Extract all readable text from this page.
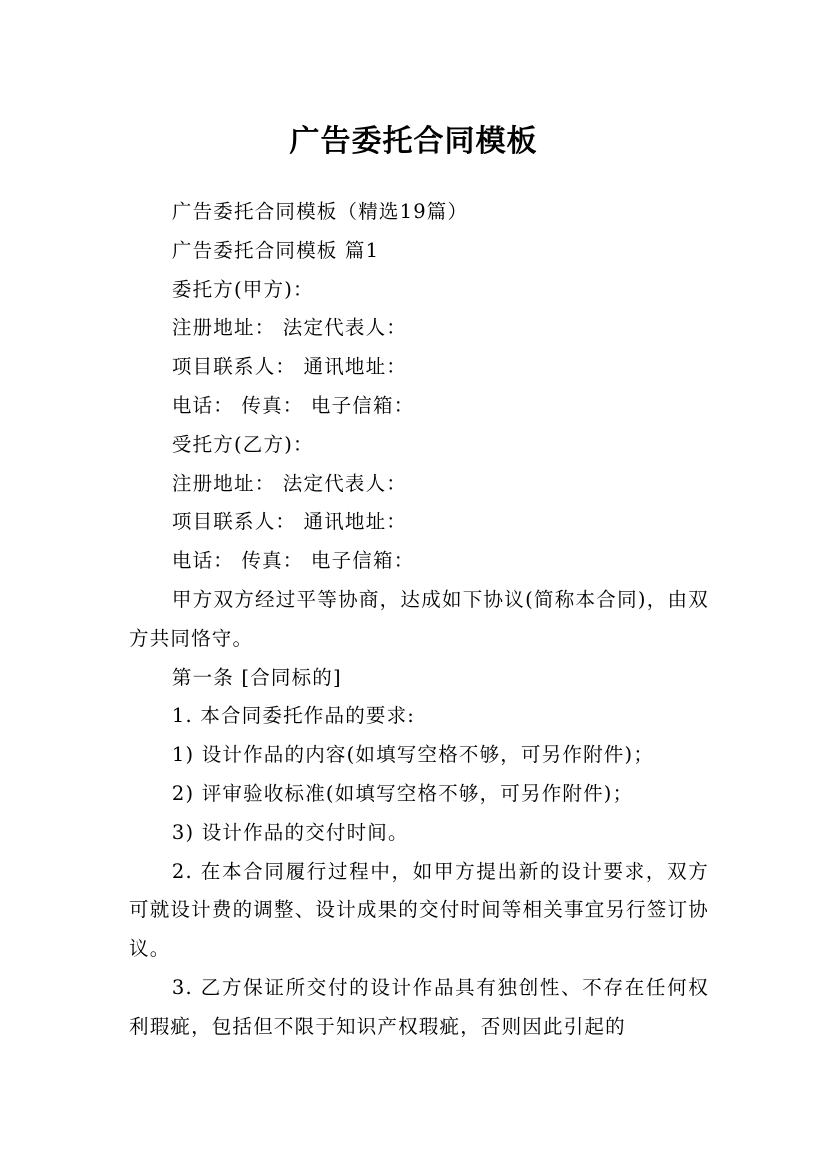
广告委托合同模板

广告委托合同模板（精选19篇）

广告委托合同模板 篇1

委托方(甲方)：

注册地址： 法定代表人：

项目联系人： 通讯地址：

电话： 传真： 电子信箱：

受托方(乙方)：

注册地址： 法定代表人：

项目联系人： 通讯地址：

电话： 传真： 电子信箱：

甲方双方经过平等协商，达成如下协议(简称本合同)，由双方共同恪守。

第一条 [合同标的]

1. 本合同委托作品的要求:

1) 设计作品的内容(如填写空格不够，可另作附件)；

2) 评审验收标准(如填写空格不够，可另作附件)；

3) 设计作品的交付时间。

2. 在本合同履行过程中，如甲方提出新的设计要求，双方可就设计费的调整、设计成果的交付时间等相关事宜另行签订协议。

3. 乙方保证所交付的设计作品具有独创性、不存在任何权利瑕疵，包括但不限于知识产权瑕疵，否则因此引起的
